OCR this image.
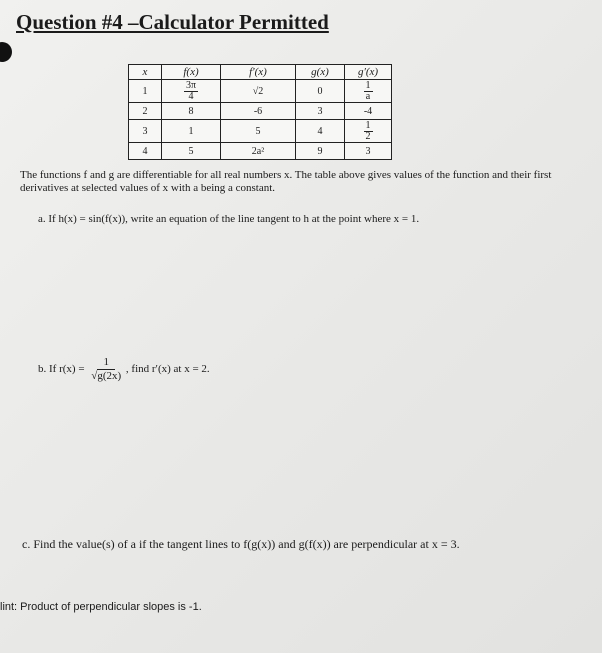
Question #4 –Calculator Permitted
x	f(x)	f′(x)	g(x)	g′(x)
1	$\frac{3\pi}{4}$	√2	0	$\frac{1}{a}$

2	8	-6	3	-4
3	1	5	4	$\frac{1}{2}$

4	5	2a²	9	3
The functions f and g are differentiable for all real numbers x. The table above gives values of the function and their first derivatives at selected values of x with a being a constant.
a. If h(x) = sin(f(x)), write an equation of the line tangent to h at the point where x = 1.
b. If $r(x) = \frac{1}{√g(2x)}$ , find r′(x) at x = 2.
c. Find the value(s) of a if the tangent lines to f(g(x)) and g(f(x)) are perpendicular at x = 3.
lint: Product of perpendicular slopes is -1.
